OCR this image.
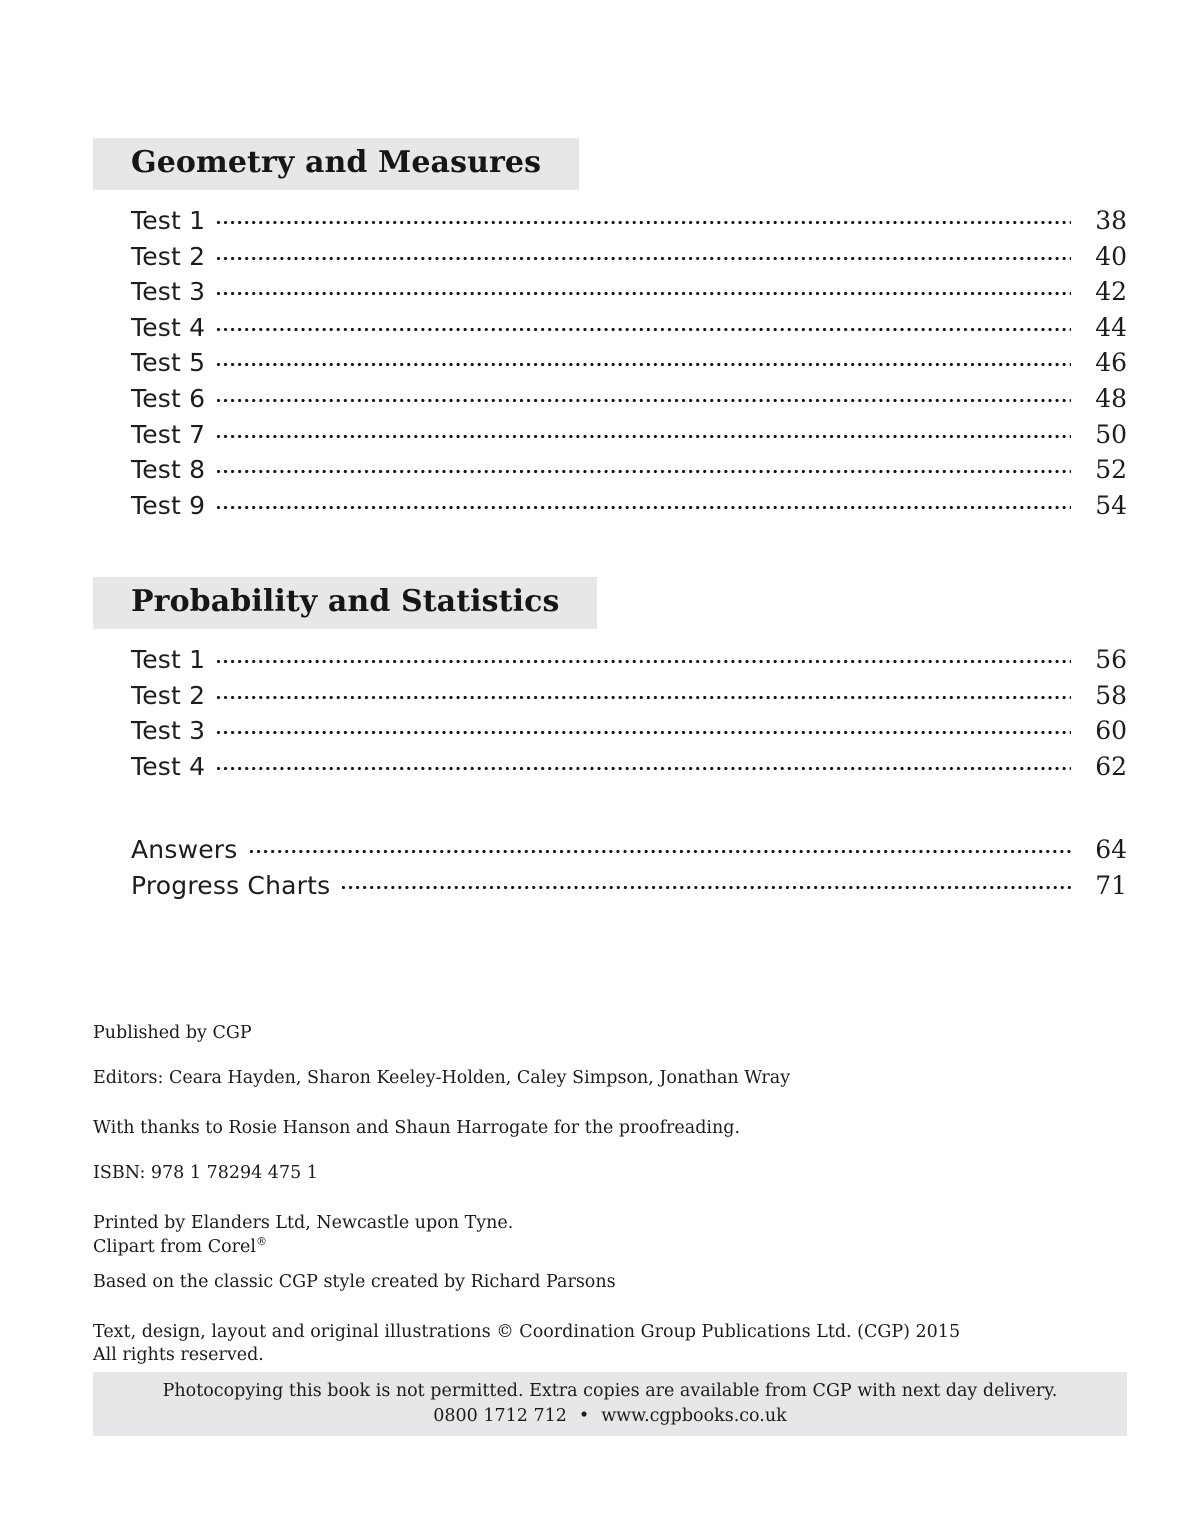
Geometry and Measures
Test 1	38
Test 2	40
Test 3	42
Test 4	44
Test 5	46
Test 6	48
Test 7	50
Test 8	52
Test 9	54
Probability and Statistics
Test 1	56
Test 2	58
Test 3	60
Test 4	62
Answers	64
Progress Charts	71

Published by CGP

Editors: Ceara Hayden, Sharon Keeley-Holden, Caley Simpson, Jonathan Wray

With thanks to Rosie Hanson and Shaun Harrogate for the proofreading.

ISBN: 978 1 78294 475 1

Printed by Elanders Ltd, Newcastle upon Tyne.

Clipart from Corel®

Based on the classic CGP style created by Richard Parsons

Text, design, layout and original illustrations © Coordination Group Publications Ltd. (CGP) 2015

All rights reserved.

Photocopying this book is not permitted. Extra copies are available from CGP with next day delivery.
0800 1712 712 • www.cgpbooks.co.uk
